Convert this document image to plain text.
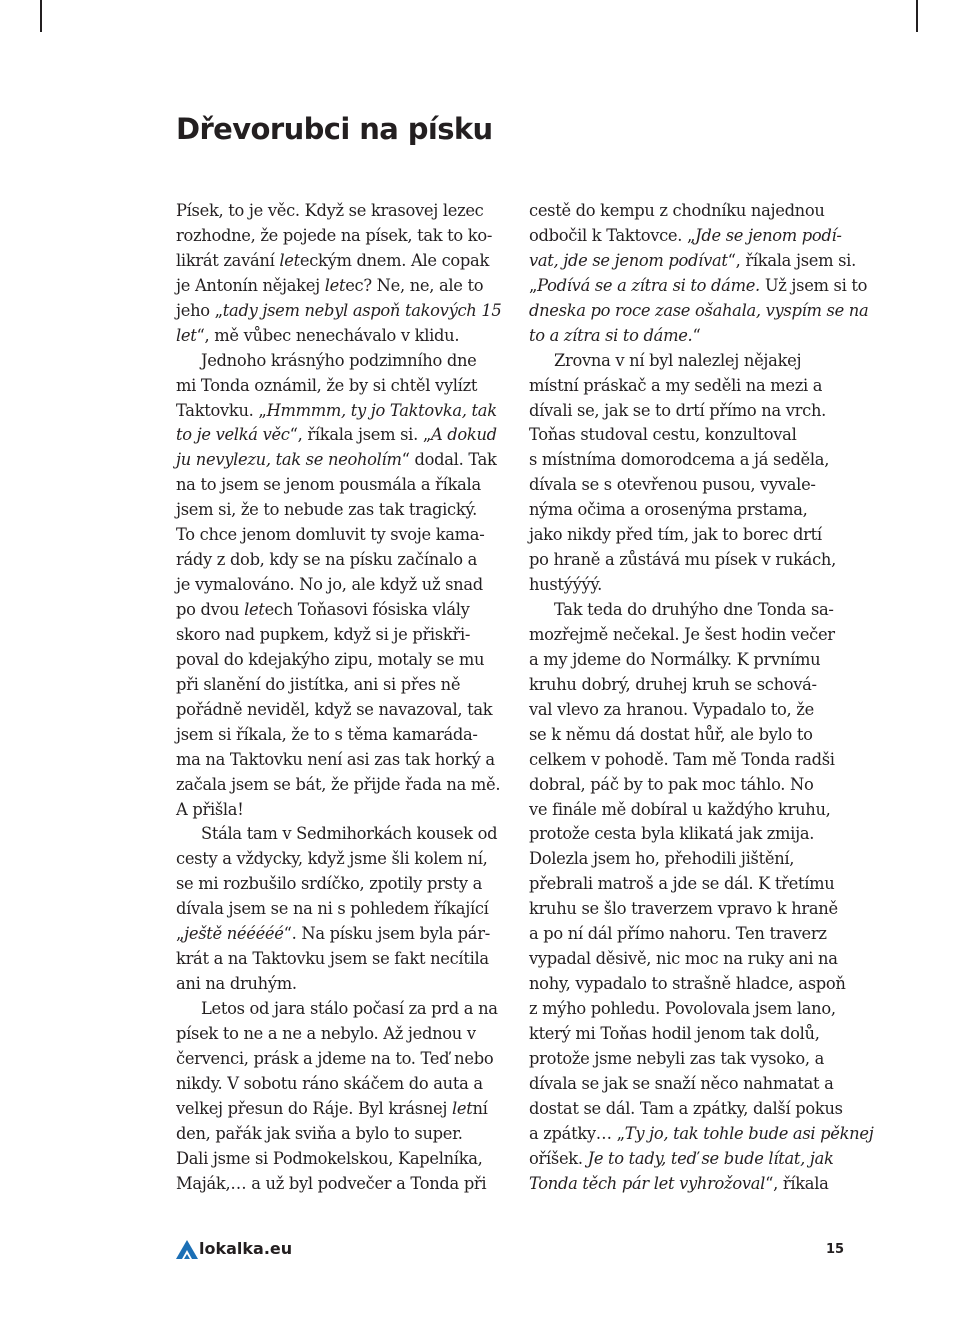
Dřevorubci na písku
Písek, to je věc. Když se krasovej lezec
rozhodne, že pojede na písek, tak to ko-
likrát zavání leteckým dnem. Ale copak
je Antonín nějakej letec? Ne, ne, ale to
jeho „tady jsem nebyl aspoň takových 15
let“, mě vůbec nenechávalo v klidu.
Jednoho krásnýho podzimního dne
mi Tonda oznámil, že by si chtěl vylízt
Taktovku. „Hmmmm, ty jo Taktovka, tak
to je velká věc“, říkala jsem si. „A dokud
ju nevylezu, tak se neoholím“ dodal. Tak
na to jsem se jenom pousmála a říkala
jsem si, že to nebude zas tak tragický.
To chce jenom domluvit ty svoje kama-
rády z dob, kdy se na písku začínalo a
je vymalováno. No jo, ale když už snad
po dvou letech Toňasovi fósiska vlály
skoro nad pupkem, když si je přiskři-
poval do kdejakýho zipu, motaly se mu
při slanění do jistítka, ani si přes ně
pořádně neviděl, když se navazoval, tak
jsem si říkala, že to s těma kamaráda-
ma na Taktovku není asi zas tak horký a
začala jsem se bát, že přijde řada na mě.
A přišla!
Stála tam v Sedmihorkách kousek od
cesty a vždycky, když jsme šli kolem ní,
se mi rozbušilo srdíčko, zpotily prsty a
dívala jsem se na ni s pohledem říkající
„ještě nééééé“. Na písku jsem byla pár-
krát a na Taktovku jsem se fakt necítila
ani na druhým.
Letos od jara stálo počasí za prd a na
písek to ne a ne a nebylo. Až jednou v
červenci, prásk a jdeme na to. Teď nebo
nikdy. V sobotu ráno skáčem do auta a
velkej přesun do Ráje. Byl krásnej letní
den, pařák jak sviňa a bylo to super.
Dali jsme si Podmokelskou, Kapelníka,
Maják,… a už byl podvečer a Tonda při
cestě do kempu z chodníku najednou
odbočil k Taktovce. „Jde se jenom podí-
vat, jde se jenom podívat“, říkala jsem si.
„Podívá se a zítra si to dáme. Už jsem si to
dneska po roce zase ošahala, vyspím se na
to a zítra si to dáme.“
Zrovna v ní byl nalezlej nějakej
místní práskač a my seděli na mezi a
dívali se, jak se to drtí přímo na vrch.
Toňas studoval cestu, konzultoval
s místníma domorodcema a já seděla,
dívala se s otevřenou pusou, vyvale-
nýma očima a orosenýma prstama,
jako nikdy před tím, jak to borec drtí
po hraně a zůstává mu písek v rukách,
hustýýýý.
Tak teda do druhýho dne Tonda sa-
mozřejmě nečekal. Je šest hodin večer
a my jdeme do Normálky. K prvnímu
kruhu dobrý, druhej kruh se schová-
val vlevo za hranou. Vypadalo to, že
se k němu dá dostat hůř, ale bylo to
celkem v pohodě. Tam mě Tonda radši
dobral, páč by to pak moc táhlo. No
ve finále mě dobíral u každýho kruhu,
protože cesta byla klikatá jak zmija.
Dolezla jsem ho, přehodili jištění,
přebrali matroš a jde se dál. K třetímu
kruhu se šlo traverzem vpravo k hraně
a po ní dál přímo nahoru. Ten traverz
vypadal děsivě, nic moc na ruky ani na
nohy, vypadalo to strašně hladce, aspoň
z mýho pohledu. Povolovala jsem lano,
který mi Toňas hodil jenom tak dolů,
protože jsme nebyli zas tak vysoko, a
dívala se jak se snaží něco nahmatat a
dostat se dál. Tam a zpátky, další pokus
a zpátky… „Ty jo, tak tohle bude asi pěknej
oříšek. Je to tady, teď se bude lítat, jak
Tonda těch pár let vyhrožoval“, říkala
lokalka.eu	15
